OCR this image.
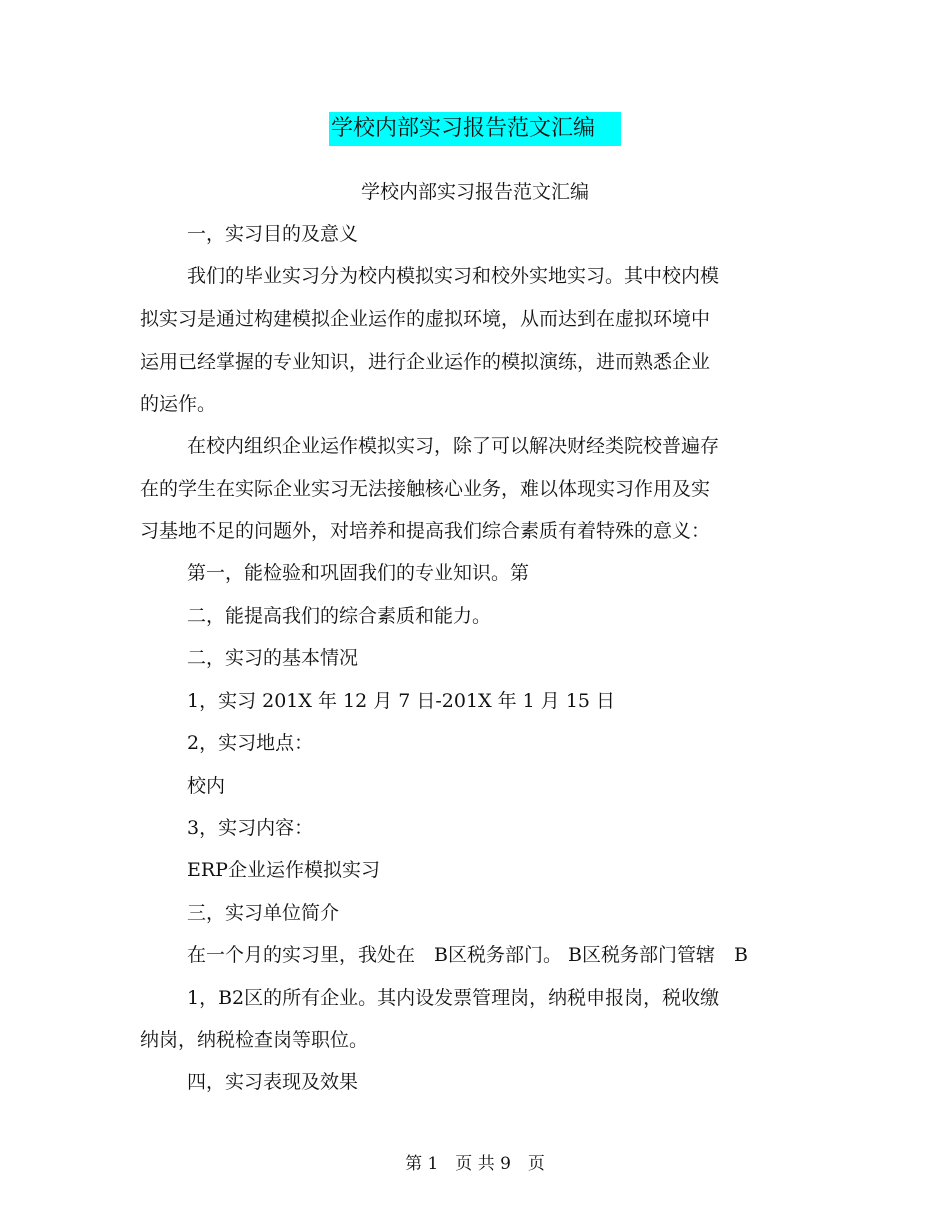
学校内部实习报告范文汇编
学校内部实习报告范文汇编
一，实习目的及意义
我们的毕业实习分为校内模拟实习和校外实地实习。其中校内模
拟实习是通过构建模拟企业运作的虚拟环境，从而达到在虚拟环境中
运用已经掌握的专业知识，进行企业运作的模拟演练，进而熟悉企业
的运作。
在校内组织企业运作模拟实习，除了可以解决财经类院校普遍存
在的学生在实际企业实习无法接触核心业务，难以体现实习作用及实
习基地不足的问题外，对培养和提高我们综合素质有着特殊的意义：
第一，能检验和巩固我们的专业知识。第
二，能提高我们的综合素质和能力。
二，实习的基本情况
1，实习 201X 年 12 月 7 日-201X 年 1 月 15 日
2，实习地点：
校内
3，实习内容：
ERP企业运作模拟实习
三，实习单位简介
在一个月的实习里，我处在　B区税务部门。 B区税务部门管辖　B
1，B2区的所有企业。其内设发票管理岗，纳税申报岗，税收缴
纳岗，纳税检查岗等职位。
四，实习表现及效果
第 1　页 共 9　页
